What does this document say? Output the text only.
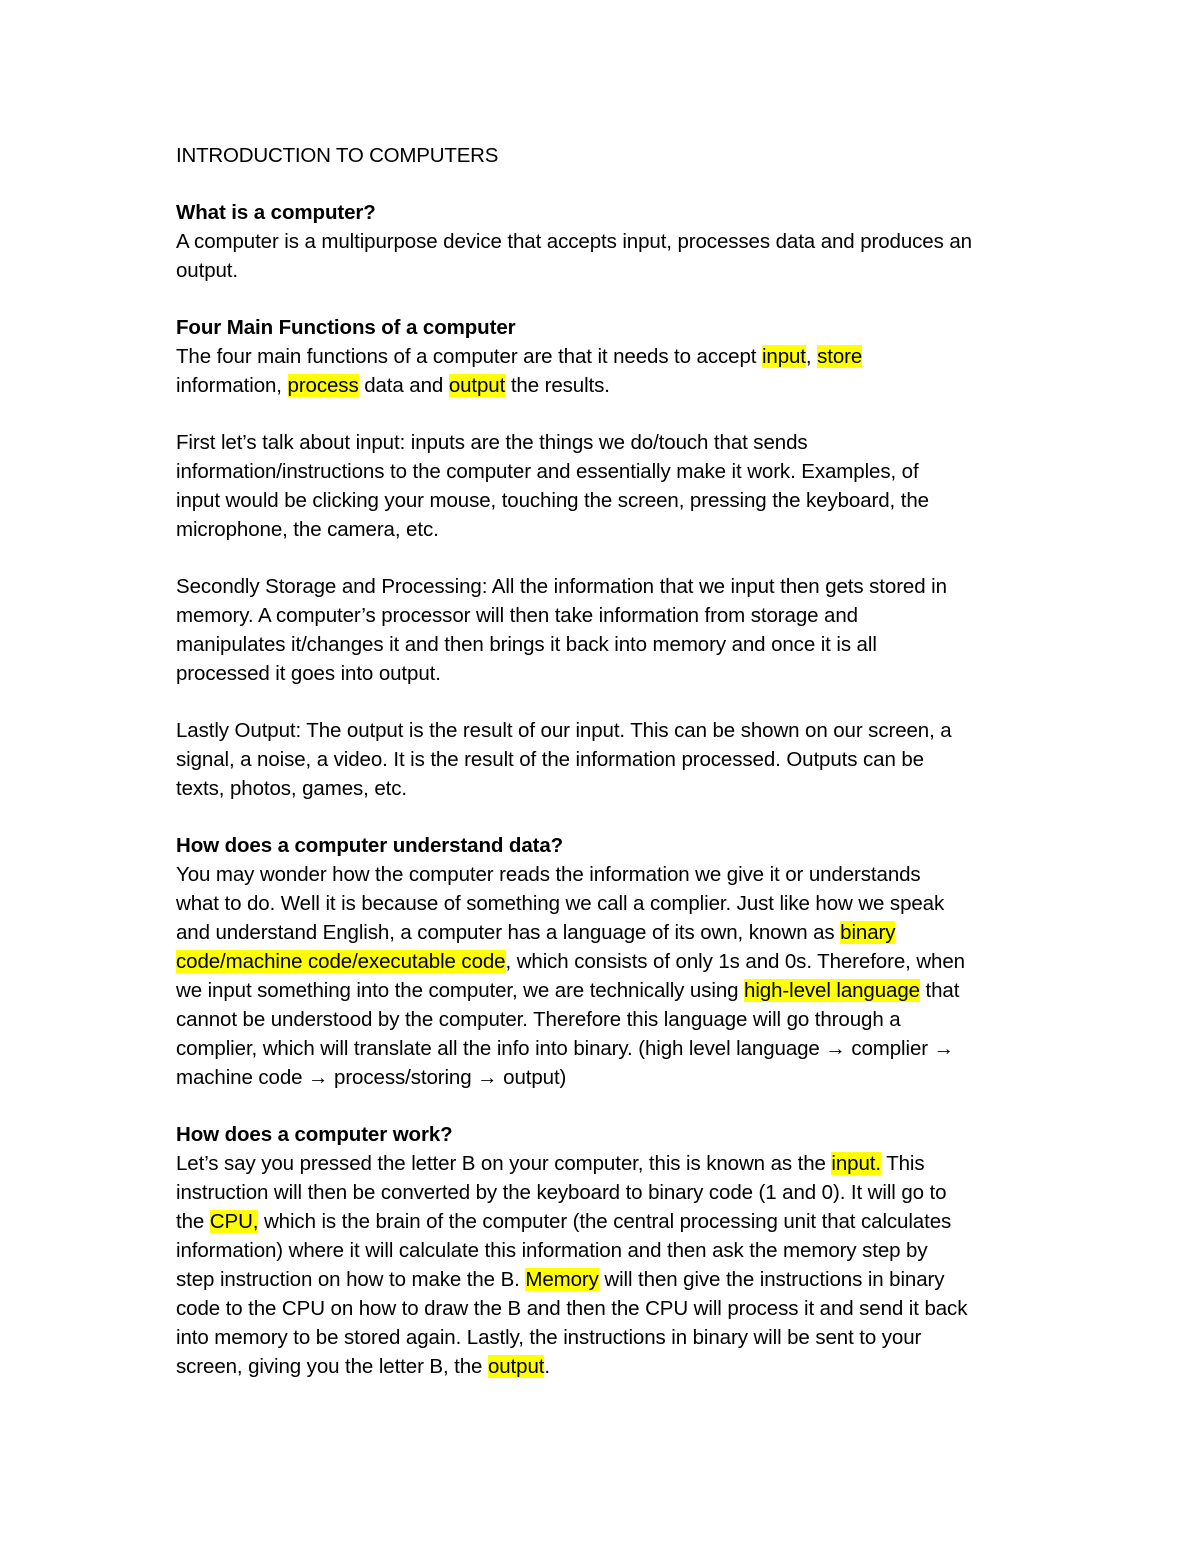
INTRODUCTION TO COMPUTERS
What is a computer?
A computer is a multipurpose device that accepts input, processes data and produces an
output.
Four Main Functions of a computer
The four main functions of a computer are that it needs to accept input, store
information, process data and output the results.
First let’s talk about input: inputs are the things we do/touch that sends
information/instructions to the computer and essentially make it work. Examples, of
input would be clicking your mouse, touching the screen, pressing the keyboard, the
microphone, the camera, etc.
Secondly Storage and Processing: All the information that we input then gets stored in
memory. A computer’s processor will then take information from storage and
manipulates it/changes it and then brings it back into memory and once it is all
processed it goes into output.
Lastly Output: The output is the result of our input. This can be shown on our screen, a
signal, a noise, a video. It is the result of the information processed. Outputs can be
texts, photos, games, etc.
How does a computer understand data?
You may wonder how the computer reads the information we give it or understands
what to do. Well it is because of something we call a complier. Just like how we speak
and understand English, a computer has a language of its own, known as binary
code/machine code/executable code, which consists of only 1s and 0s. Therefore, when
we input something into the computer, we are technically using high-level language that
cannot be understood by the computer. Therefore this language will go through a
complier, which will translate all the info into binary. (high level language → complier →
machine code → process/storing → output)
How does a computer work?
Let’s say you pressed the letter B on your computer, this is known as the input. This
instruction will then be converted by the keyboard to binary code (1 and 0). It will go to
the CPU, which is the brain of the computer (the central processing unit that calculates
information) where it will calculate this information and then ask the memory step by
step instruction on how to make the B. Memory will then give the instructions in binary
code to the CPU on how to draw the B and then the CPU will process it and send it back
into memory to be stored again. Lastly, the instructions in binary will be sent to your
screen, giving you the letter B, the output.
